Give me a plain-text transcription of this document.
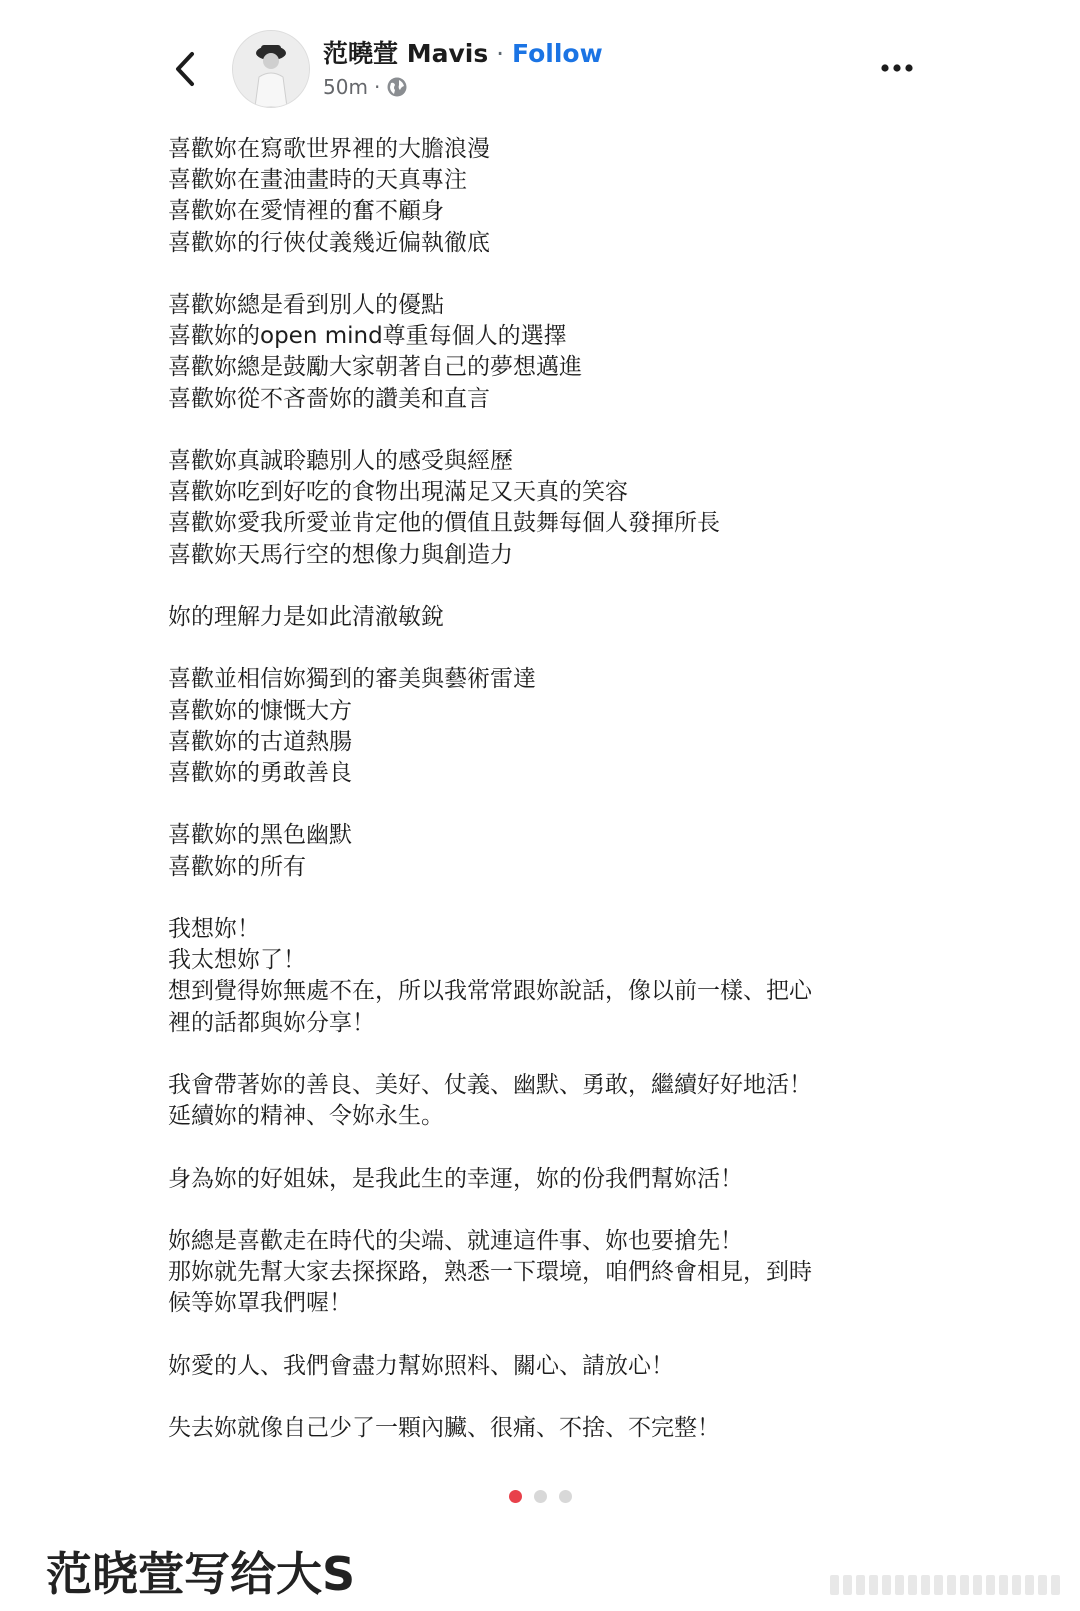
范曉萱 Mavis · Follow
50m ·

喜歡妳在寫歌世界裡的大膽浪漫

喜歡妳在畫油畫時的天真專注

喜歡妳在愛情裡的奮不顧身

喜歡妳的行俠仗義幾近偏執徹底

喜歡妳總是看到別人的優點

喜歡妳的open mind尊重每個人的選擇

喜歡妳總是鼓勵大家朝著自己的夢想邁進

喜歡妳從不吝嗇妳的讚美和直言

喜歡妳真誠聆聽別人的感受與經歷

喜歡妳吃到好吃的食物出現滿足又天真的笑容

喜歡妳愛我所愛並肯定他的價值且鼓舞每個人發揮所長

喜歡妳天馬行空的想像力與創造力

妳的理解力是如此清澈敏銳

喜歡並相信妳獨到的審美與藝術雷達

喜歡妳的慷慨大方

喜歡妳的古道熱腸

喜歡妳的勇敢善良

喜歡妳的黑色幽默

喜歡妳的所有

我想妳！

我太想妳了！

想到覺得妳無處不在，所以我常常跟妳說話，像以前一樣、把心

裡的話都與妳分享！

我會帶著妳的善良、美好、仗義、幽默、勇敢，繼續好好地活！

延續妳的精神、令妳永生。

身為妳的好姐妹，是我此生的幸運，妳的份我們幫妳活！

妳總是喜歡走在時代的尖端、就連這件事、妳也要搶先！

那妳就先幫大家去探探路，熟悉一下環境，咱們終會相見，到時

候等妳罩我們喔！

妳愛的人、我們會盡力幫妳照料、關心、請放心！

失去妳就像自己少了一顆內臟、很痛、不捨、不完整！

范晓萱写给大S
